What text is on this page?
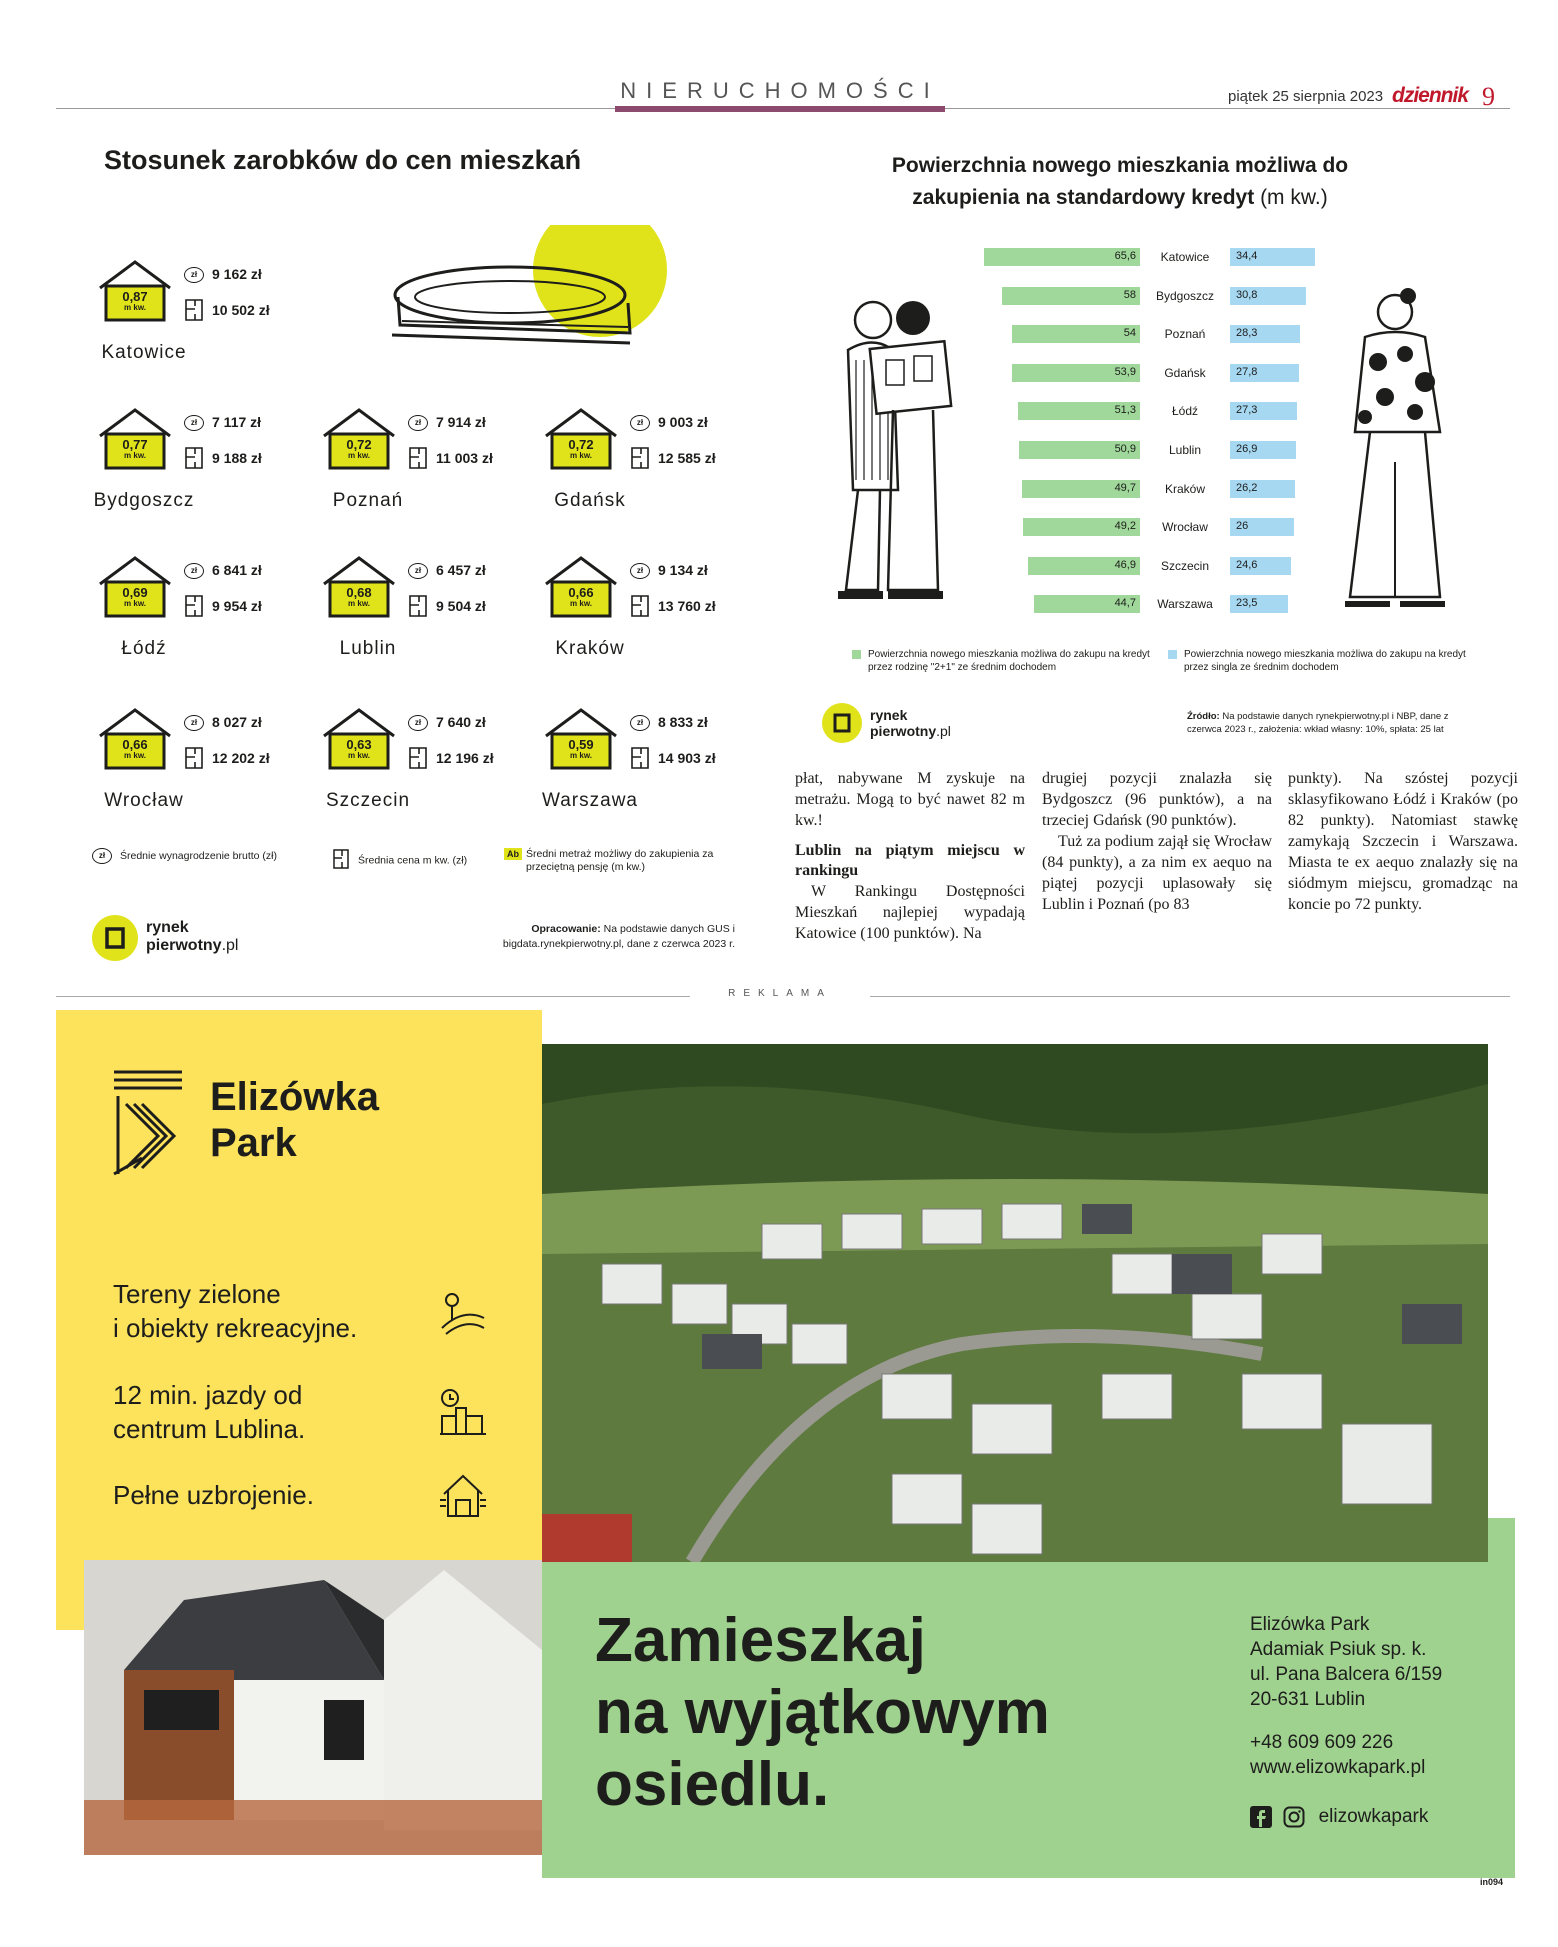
NIERUCHOMOŚCI	piątek 25 sierpnia 2023 dziennik 9
Stosunek zarobków do cen mieszkań
0,87
m kw.
zł 9 162 zł
10 502 zł
Katowice
0,77
m kw.
zł 7 117 zł
9 188 zł
Bydgoszcz
0,72
m kw.
zł 7 914 zł
11 003 zł
Poznań
0,72
m kw.
zł 9 003 zł
12 585 zł
Gdańsk
0,69
m kw.
zł 6 841 zł
9 954 zł
Łódź
0,68
m kw.
zł 6 457 zł
9 504 zł
Lublin
0,66
m kw.
zł 9 134 zł
13 760 zł
Kraków
0,66
m kw.
zł 8 027 zł
12 202 zł
Wrocław
0,63
m kw.
zł 7 640 zł
12 196 zł
Szczecin
0,59
m kw.
zł 8 833 zł
14 903 zł
Warszawa
zł Średnie wynagrodzenie brutto (zł)	Średnia cena m kw. (zł)
Ab Średni metraż możliwy do zakupienia za przeciętną pensję (m kw.)
rynek
pierwotny.pl
Opracowanie: Na podstawie danych GUS i bigdata.rynekpierwotny.pl, dane z czerwca 2023 r.
Powierzchnia nowego mieszkania możliwa do zakupienia na standardowy kredyt (m kw.)
65,6	Katowice	34,4
58	Bydgoszcz	30,8
54	Poznań	28,3
53,9	Gdańsk	27,8
51,3	Łódź	27,3
50,9	Lublin	26,9
49,7	Kraków	26,2
49,2	Wrocław	26
46,9	Szczecin	24,6
44,7	Warszawa	23,5
Powierzchnia nowego mieszkania możliwa do zakupu na kredyt przez rodzinę "2+1" ze średnim dochodem
Powierzchnia nowego mieszkania możliwa do zakupu na kredyt przez singla ze średnim dochodem
rynek
pierwotny.pl
Źródło: Na podstawie danych rynekpierwotny.pl i NBP, dane z czerwca 2023 r., założenia: wkład własny: 10%, spłata: 25 lat

płat, nabywane M zyskuje na metrażu. Mogą to być nawet 82 m kw.!

Lublin na piątym miejscu w rankingu

W Rankingu Dostępności Mieszkań najlepiej wypadają Katowice (100 punktów). Na

drugiej pozycji znalazła się Bydgoszcz (96 punktów), a na trzeciej Gdańsk (90 punktów).

Tuż za podium zajął się Wrocław (84 punkty), a za nim ex aequo na piątej pozycji uplasowały się Lublin i Poznań (po 83

punkty). Na szóstej pozycji sklasyfikowano Łódź i Kraków (po 82 punkty). Natomiast stawkę zamykają Szczecin i Warszawa. Miasta te ex aequo znalazły się na siódmym miejscu, gromadząc na koncie po 72 punkty.

REKLAMA
Elizówka
Park
Tereny zielone
i obiekty rekreacyjne.
12 min. jazdy od
centrum Lublina.
Pełne uzbrojenie.
Zamieszkaj
na wyjątkowym
osiedlu.
Elizówka Park
Adamiak Psiuk sp. k.
ul. Pana Balcera 6/159
20-631 Lublin
+48 609 609 226
www.elizowkapark.pl
elizowkapark
in094
